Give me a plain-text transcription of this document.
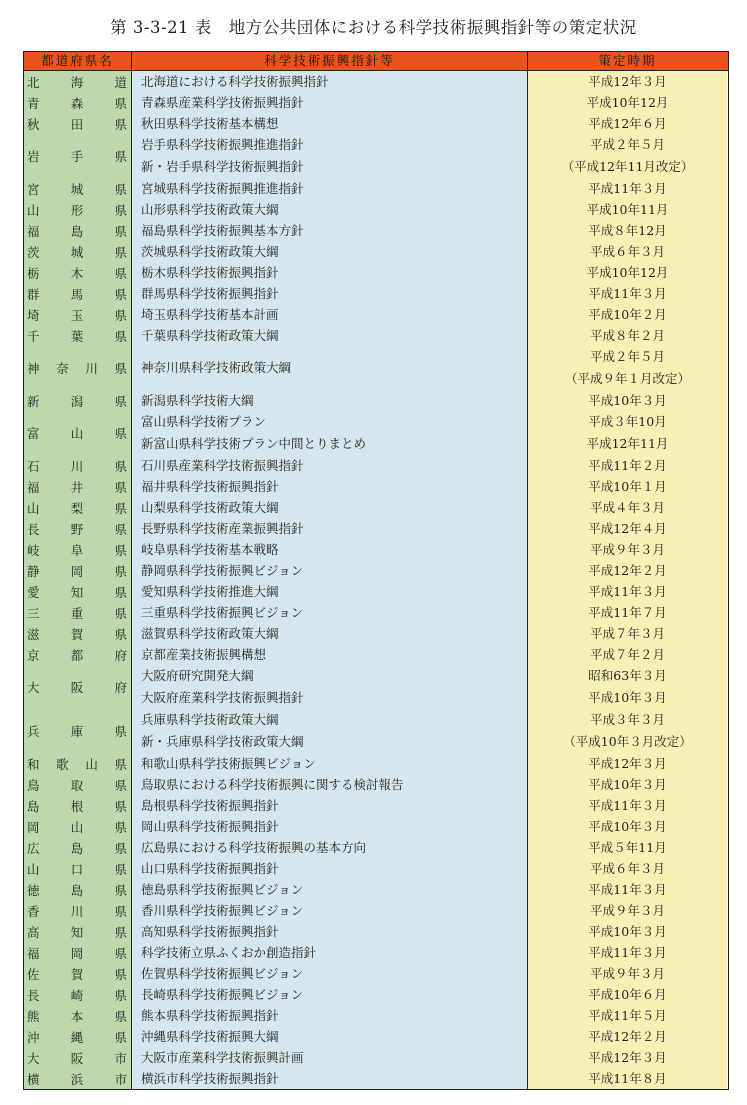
第 3-3-21 表　地方公共団体における科学技術振興指針等の策定状況
都道府県名	科学技術振興指針等	策定時期
北 海 道
青 森 県
秋 田 県
岩 手 県
宮 城 県
山 形 県
福 島 県
茨 城 県
栃 木 県
群 馬 県
埼 玉 県
千 葉 県
神 奈 川 県
新 潟 県
富 山 県
石 川 県
福 井 県
山 梨 県
長 野 県
岐 阜 県
静 岡 県
愛 知 県
三 重 県
滋 賀 県
京 都 府
大 阪 府
兵 庫 県
和 歌 山 県
鳥 取 県
島 根 県
岡 山 県
広 島 県
山 口 県
徳 島 県
香 川 県
高 知 県
福 岡 県
佐 賀 県
長 崎 県
熊 本 県
沖 縄 県
大 阪 市
横 浜 市
北海道における科学技術振興指針
青森県産業科学技術振興指針
秋田県科学技術基本構想
岩手県科学技術振興推進指針
新・岩手県科学技術振興指針
宮城県科学技術振興推進指針
山形県科学技術政策大綱
福島県科学技術振興基本方針
茨城県科学技術政策大綱
栃木県科学技術振興指針
群馬県科学技術振興指針
埼玉県科学技術基本計画
千葉県科学技術政策大綱
神奈川県科学技術政策大綱
新潟県科学技術大綱
富山県科学技術プラン
新富山県科学技術プラン中間とりまとめ
石川県産業科学技術振興指針
福井県科学技術振興指針
山梨県科学技術政策大綱
長野県科学技術産業振興指針
岐阜県科学技術基本戦略
静岡県科学技術振興ビジョン
愛知県科学技術推進大綱
三重県科学技術振興ビジョン
滋賀県科学技術政策大綱
京都産業技術振興構想
大阪府研究開発大綱
大阪府産業科学技術振興指針
兵庫県科学技術政策大綱
新・兵庫県科学技術政策大綱
和歌山県科学技術振興ビジョン
鳥取県における科学技術振興に関する検討報告
島根県科学技術振興指針
岡山県科学技術振興指針
広島県における科学技術振興の基本方向
山口県科学技術振興指針
徳島県科学技術振興ビジョン
香川県科学技術振興ビジョン
高知県科学技術振興指針
科学技術立県ふくおか創造指針
佐賀県科学技術振興ビジョン
長崎県科学技術振興ビジョン
熊本県科学技術振興指針
沖縄県科学技術振興大綱
大阪市産業科学技術振興計画
横浜市科学技術振興指針
平成12年３月
平成10年12月
平成12年６月
平成２年５月
（平成12年11月改定）
平成11年３月
平成10年11月
平成８年12月
平成６年３月
平成10年12月
平成11年３月
平成10年２月
平成８年２月
平成２年５月
（平成９年１月改定）
平成10年３月
平成３年10月
平成12年11月
平成11年２月
平成10年１月
平成４年３月
平成12年４月
平成９年３月
平成12年２月
平成11年３月
平成11年７月
平成７年３月
平成７年２月
昭和63年３月
平成10年３月
平成３年３月
（平成10年３月改定）
平成12年３月
平成10年３月
平成11年３月
平成10年３月
平成５年11月
平成６年３月
平成11年３月
平成９年３月
平成10年３月
平成11年３月
平成９年３月
平成10年６月
平成11年５月
平成12年２月
平成12年３月
平成11年８月
